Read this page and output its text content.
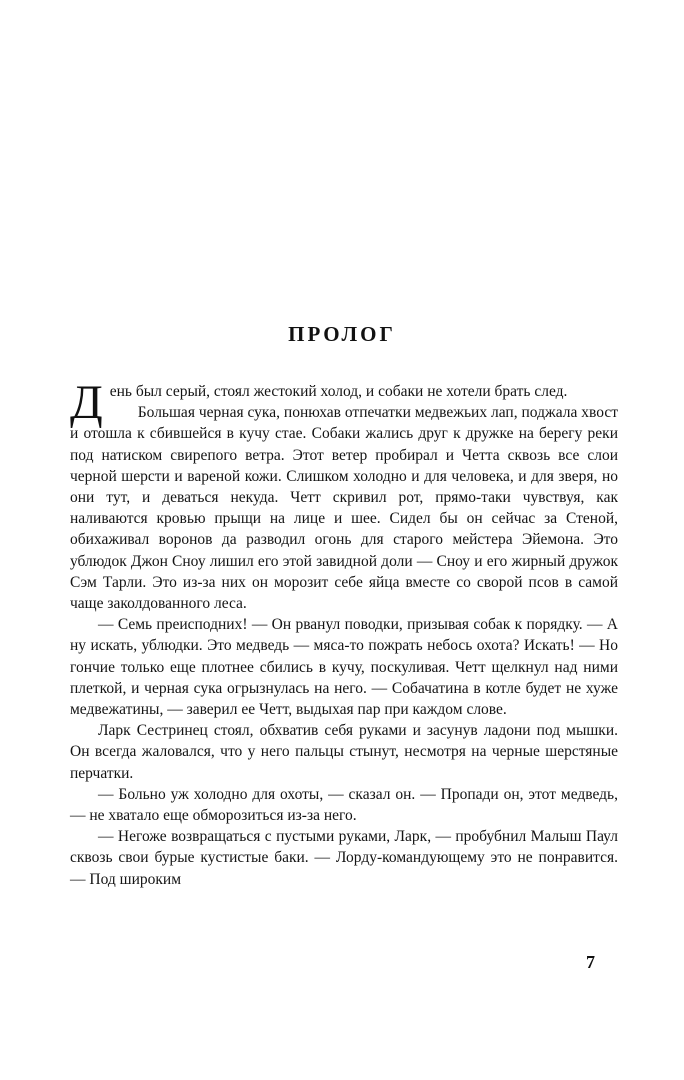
ПРОЛОГ

День был серый, стоял жестокий холод, и собаки не хотели брать след.

Большая черная сука, понюхав отпечатки медвежьих лап, поджала хвост и отошла к сбившейся в кучу стае. Собаки жались друг к дружке на берегу реки под натиском свирепого ветра. Этот ветер пробирал и Четта сквозь все слои черной шерсти и вареной кожи. Слишком холодно и для человека, и для зверя, но они тут, и деваться некуда. Четт скривил рот, прямо-таки чувствуя, как наливаются кровью прыщи на лице и шее. Сидел бы он сейчас за Стеной, обихаживал воронов да разводил огонь для старого мейстера Эйемона. Это ублюдок Джон Сноу лишил его этой завидной доли — Сноу и его жирный дружок Сэм Тарли. Это из-за них он морозит себе яйца вместе со сворой псов в самой чаще заколдованного леса.

— Семь преисподних! — Он рванул поводки, призывая собак к порядку. — А ну искать, ублюдки. Это медведь — мяса-то пожрать небось охота? Искать! — Но гончие только еще плотнее сбились в кучу, поскуливая. Четт щелкнул над ними плеткой, и черная сука огрызнулась на него. — Собачатина в котле будет не хуже медвежатины, — заверил ее Четт, выдыхая пар при каждом слове.

Ларк Сестринец стоял, обхватив себя руками и засунув ладони под мышки. Он всегда жаловался, что у него пальцы стынут, несмотря на черные шерстяные перчатки.

— Больно уж холодно для охоты, — сказал он. — Пропади он, этот медведь, — не хватало еще обморозиться из-за него.

— Негоже возвращаться с пустыми руками, Ларк, — пробубнил Малыш Паул сквозь свои бурые кустистые баки. — Лорду-командующему это не понравится. — Под широким

7
